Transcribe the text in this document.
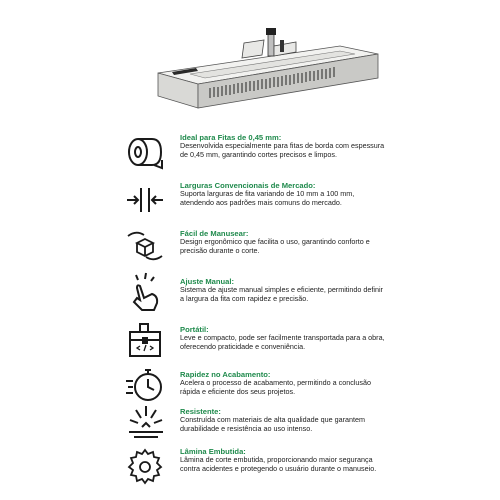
Ideal para Fitas de 0,45 mm:
Desenvolvida especialmente para fitas de borda com espessura de 0,45 mm, garantindo cortes precisos e limpos.
Larguras Convencionais de Mercado:
Suporta larguras de fita variando de 10 mm a 100 mm, atendendo aos padrões mais comuns do mercado.
Fácil de Manusear:
Design ergonômico que facilita o uso, garantindo conforto e precisão durante o corte.
Ajuste Manual:
Sistema de ajuste manual simples e eficiente, permitindo definir a largura da fita com rapidez e precisão.
Portátil:
Leve e compacto, pode ser facilmente transportada para a obra, oferecendo praticidade e conveniência.
Rapidez no Acabamento:
Acelera o processo de acabamento, permitindo a conclusão rápida e eficiente dos seus projetos.
Resistente:
Construída com materiais de alta qualidade que garantem durabilidade e resistência ao uso intenso.
Lâmina Embutida:
Lâmina de corte embutida, proporcionando maior segurança contra acidentes e protegendo o usuário durante o manuseio.
